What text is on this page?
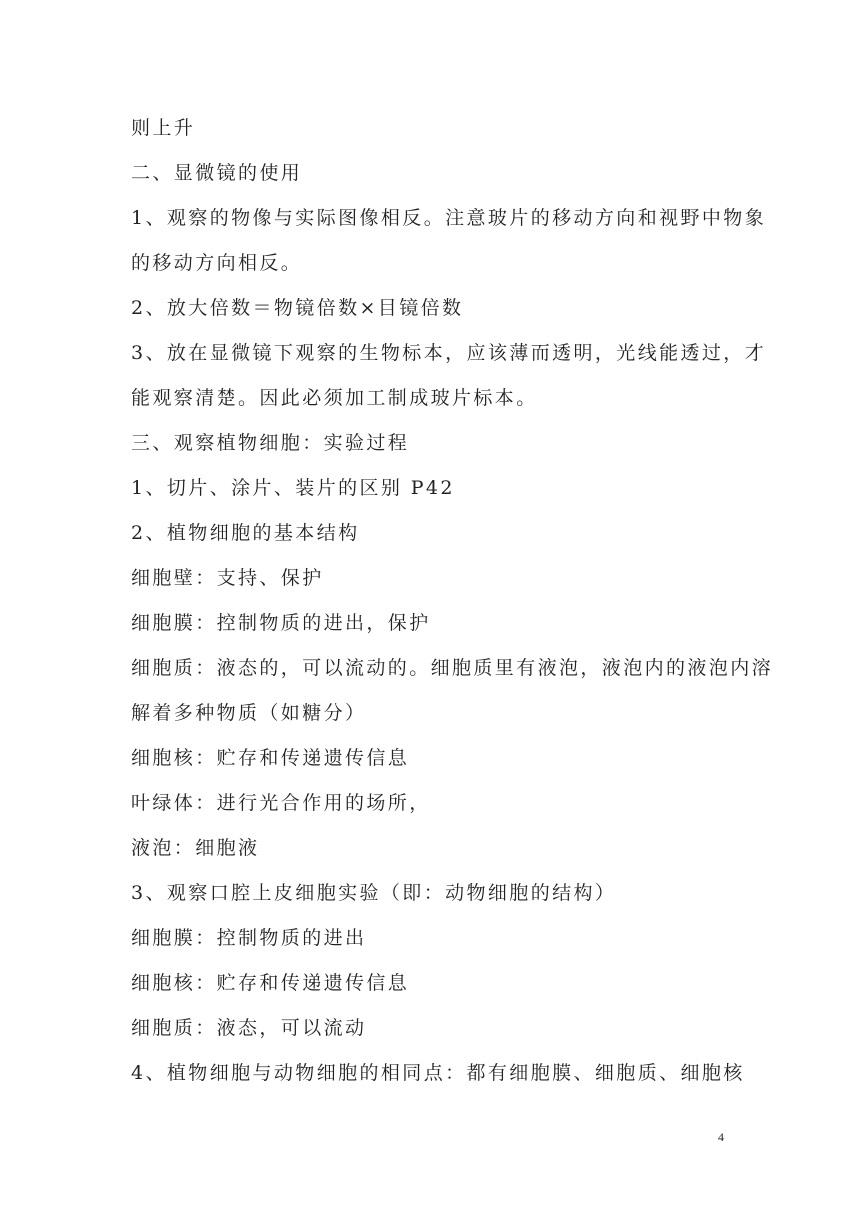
则上升
二、显微镜的使用
1、观察的物像与实际图像相反。注意玻片的移动方向和视野中物象
的移动方向相反。
2、放大倍数＝物镜倍数×目镜倍数
3、放在显微镜下观察的生物标本，应该薄而透明，光线能透过，才
能观察清楚。因此必须加工制成玻片标本。
三、观察植物细胞：实验过程
1、切片、涂片、装片的区别 P42
2、植物细胞的基本结构
细胞壁：支持、保护
细胞膜：控制物质的进出，保护
细胞质：液态的，可以流动的。细胞质里有液泡，液泡内的液泡内溶
解着多种物质（如糖分）
细胞核：贮存和传递遗传信息
叶绿体：进行光合作用的场所，
液泡：细胞液
3、观察口腔上皮细胞实验（即：动物细胞的结构）
细胞膜：控制物质的进出
细胞核：贮存和传递遗传信息
细胞质：液态，可以流动
4、植物细胞与动物细胞的相同点：都有细胞膜、细胞质、细胞核
4
